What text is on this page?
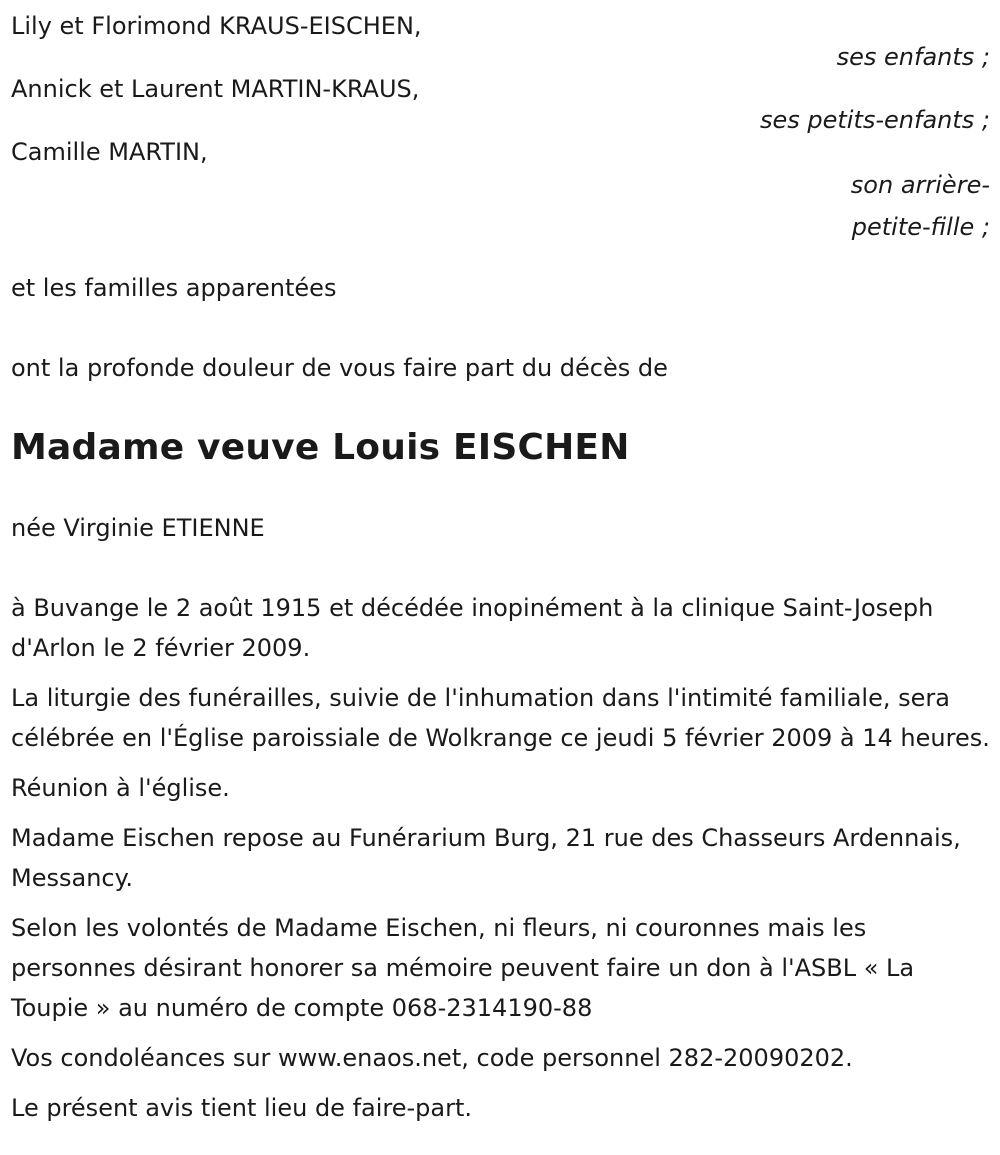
Lily et Florimond KRAUS-EISCHEN,

ses enfants ;

Annick et Laurent MARTIN-KRAUS,

ses petits-enfants ;

Camille MARTIN,

son arrière-
petite-fille ;

et les familles apparentées

ont la profonde douleur de vous faire part du décès de

Madame veuve Louis EISCHEN

née Virginie ETIENNE

à Buvange le 2 août 1915 et décédée inopinément à la clinique Saint-Joseph d'Arlon le 2 février 2009.

La liturgie des funérailles, suivie de l'inhumation dans l'intimité familiale, sera célébrée en l'Église paroissiale de Wolkrange ce jeudi 5 février 2009 à 14 heures.

Réunion à l'église.

Madame Eischen repose au Funérarium Burg, 21 rue des Chasseurs Ardennais, Messancy.

Selon les volontés de Madame Eischen, ni fleurs, ni couronnes mais les personnes désirant honorer sa mémoire peuvent faire un don à l'ASBL « La Toupie » au numéro de compte 068-2314190-88

Vos condoléances sur www.enaos.net, code personnel 282-20090202.

Le présent avis tient lieu de faire-part.
